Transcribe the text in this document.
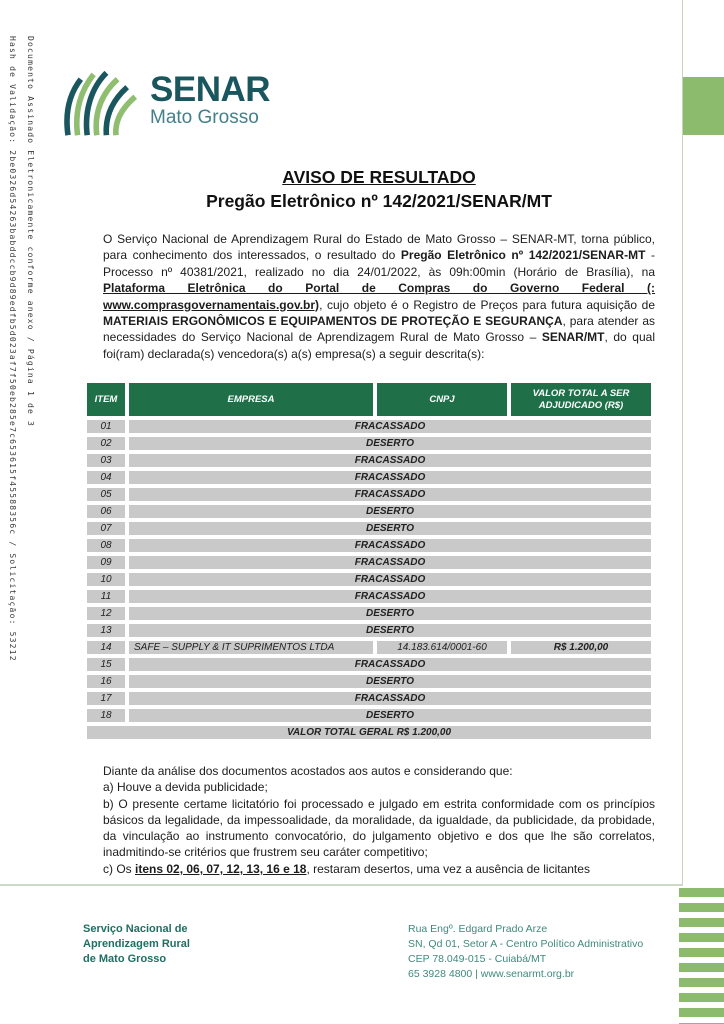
Documento Assinado Eletronicamente conforme anexo / Página 1 de 3
Hash de Validação: 2be0326d54263babddccb9d89edfb5d023af7f50eb285e7c653615f45588356c / Solicitação: 53212	SENAR
Mato Grosso
AVISO DE RESULTADO
Pregão Eletrônico nº 142/2021/SENAR/MT

O Serviço Nacional de Aprendizagem Rural do Estado de Mato Grosso – SENAR-MT, torna público, para conhecimento dos interessados, o resultado do Pregão Eletrônico nº 142/2021/SENAR-MT - Processo nº 40381/2021, realizado no dia 24/01/2022, às 09h:00min (Horário de Brasília), na Plataforma Eletrônica do Portal de Compras do Governo Federal (: www.comprasgovernamentais.gov.br), cujo objeto é o Registro de Preços para futura aquisição de MATERIAIS ERGONÔMICOS E EQUIPAMENTOS DE PROTEÇÃO E SEGURANÇA, para atender as necessidades do Serviço Nacional de Aprendizagem Rural de Mato Grosso – SENAR/MT, do qual foi(ram) declarada(s) vencedora(s) a(s) empresa(s) a seguir descrita(s):

ITEM	EMPRESA	CNPJ	VALOR TOTAL A SER ADJUDICADO (R$)
01	FRACASSADO		
02	DESERTO		
03	FRACASSADO		
04	FRACASSADO		
05	FRACASSADO		
06	DESERTO		
07	DESERTO		
08	FRACASSADO		
09	FRACASSADO		
10	FRACASSADO		
11	FRACASSADO		
12	DESERTO		
13	DESERTO		
14	SAFE – SUPPLY & IT SUPRIMENTOS LTDA	14.183.614/0001-60	R$ 1.200,00
15	FRACASSADO		
16	DESERTO		
17	FRACASSADO		
18	DESERTO		
VALOR TOTAL GERAL R$ 1.200,00			

Diante da análise dos documentos acostados aos autos e considerando que:

a) Houve a devida publicidade;

b) O presente certame licitatório foi processado e julgado em estrita conformidade com os princípios básicos da legalidade, da impessoalidade, da moralidade, da igualdade, da publicidade, da probidade, da vinculação ao instrumento convocatório, do julgamento objetivo e dos que lhe são correlatos, inadmitindo-se critérios que frustrem seu caráter competitivo;

c) Os itens 02, 06, 07, 12, 13, 16 e 18, restaram desertos, uma vez a ausência de licitantes

Serviço Nacional de
Aprendizagem Rural
de Mato Grosso
Rua Engº. Edgard Prado Arze
SN, Qd 01, Setor A - Centro Político Administrativo
CEP 78.049-015 - Cuiabá/MT
65 3928 4800 | www.senarmt.org.br
